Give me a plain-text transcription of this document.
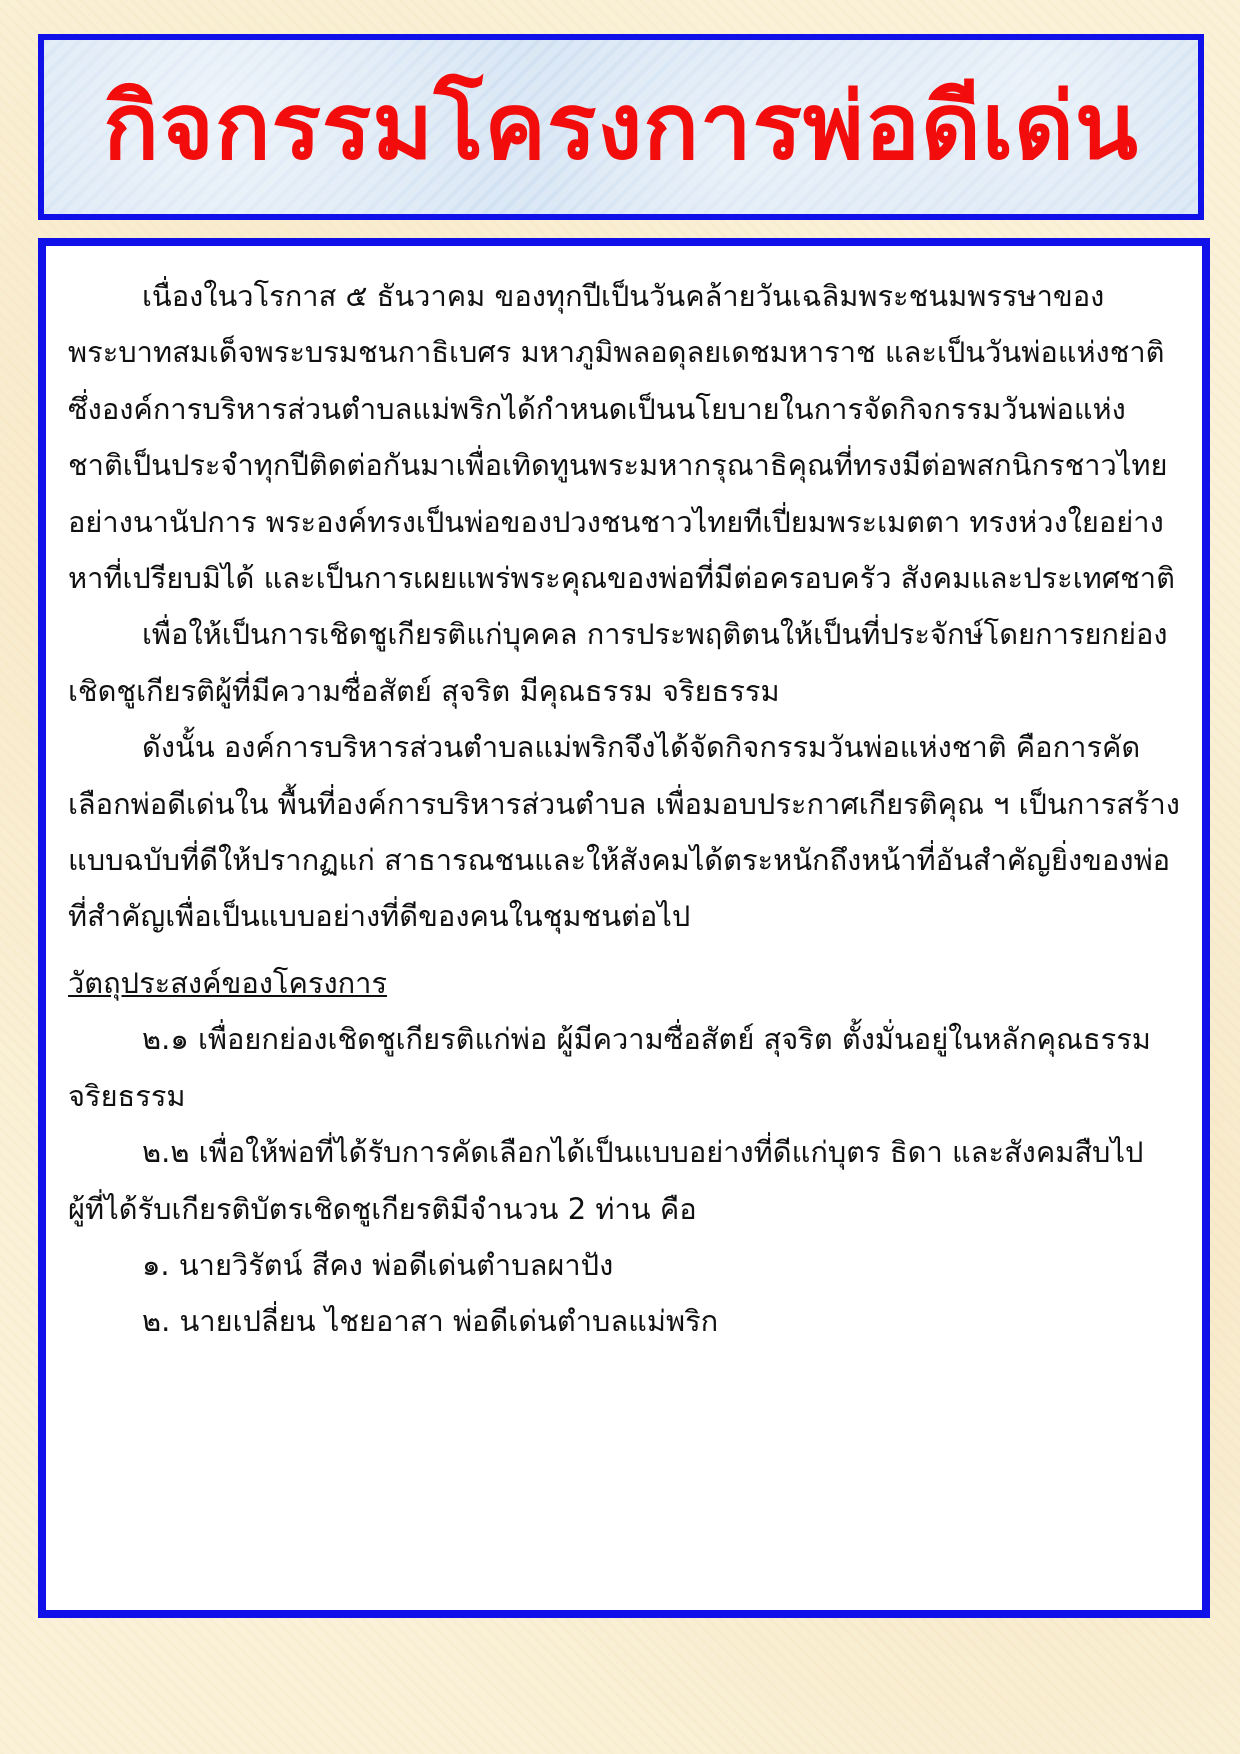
กิจกรรมโครงการพ่อดีเด่น

เนื่องในวโรกาส ๕ ธันวาคม ของทุกปีเป็นวันคล้ายวันเฉลิมพระชนมพรรษาของพระบาทสมเด็จพระบรมชนกาธิเบศร มหาภูมิพลอดุลยเดชมหาราช และเป็นวันพ่อแห่งชาติ ซึ่งองค์การบริหารส่วนตำบลแม่พริกได้กำหนดเป็นนโยบายในการจัดกิจกรรมวันพ่อแห่งชาติเป็นประจำทุกปีติดต่อกันมาเพื่อเทิดทูนพระมหากรุณาธิคุณที่ทรงมีต่อพสกนิกรชาวไทยอย่างนานัปการ พระองค์ทรงเป็นพ่อของปวงชนชาวไทยทีเปี่ยมพระเมตตา ทรงห่วงใยอย่างหาที่เปรียบมิได้ และเป็นการเผยแพร่พระคุณของพ่อที่มีต่อครอบครัว สังคมและประเทศชาติ

เพื่อให้เป็นการเชิดชูเกียรติแก่บุคคล การประพฤติตนให้เป็นที่ประจักษ์โดยการยกย่องเชิดชูเกียรติผู้ที่มีความซื่อสัตย์ สุจริต มีคุณธรรม จริยธรรม

ดังนั้น องค์การบริหารส่วนตำบลแม่พริกจึงได้จัดกิจกรรมวันพ่อแห่งชาติ คือการคัดเลือกพ่อดีเด่นใน พื้นที่องค์การบริหารส่วนตำบล เพื่อมอบประกาศเกียรติคุณ ฯ เป็นการสร้างแบบฉบับที่ดีให้ปรากฏแก่ สาธารณชนและให้สังคมได้ตระหนักถึงหน้าที่อันสำคัญยิ่งของพ่อที่สำคัญเพื่อเป็นแบบอย่างที่ดีของคนในชุมชนต่อไป

วัตถุประสงค์ของโครงการ

๒.๑ เพื่อยกย่องเชิดชูเกียรติแก่พ่อ ผู้มีความซื่อสัตย์ สุจริต ตั้งมั่นอยู่ในหลักคุณธรรม จริยธรรม

๒.๒ เพื่อให้พ่อที่ได้รับการคัดเลือกได้เป็นแบบอย่างที่ดีแก่บุตร ธิดา และสังคมสืบไป

ผู้ที่ได้รับเกียรติบัตรเชิดชูเกียรติมีจำนวน 2 ท่าน คือ

๑. นายวิรัตน์ สีคง พ่อดีเด่นตำบลผาปัง

๒. นายเปลี่ยน ไชยอาสา พ่อดีเด่นตำบลแม่พริก
